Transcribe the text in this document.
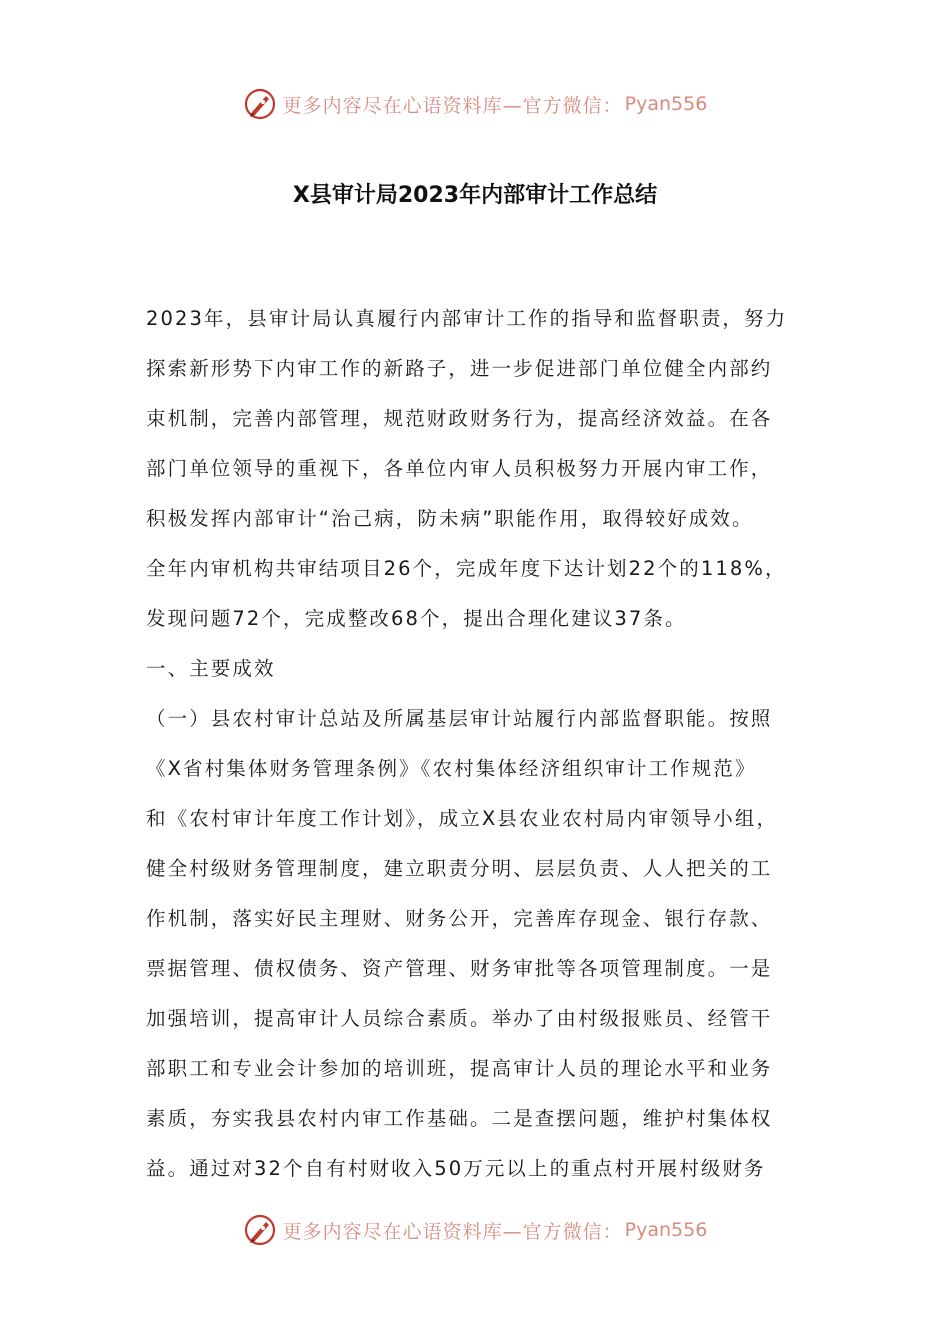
更多内容尽在心语资料库—官方微信： Pyan556
X县审计局2023年内部审计工作总结
2023年，县审计局认真履行内部审计工作的指导和监督职责，努力
探索新形势下内审工作的新路子，进一步促进部门单位健全内部约
束机制，完善内部管理，规范财政财务行为，提高经济效益。在各
部门单位领导的重视下，各单位内审人员积极努力开展内审工作，
积极发挥内部审计“治己病，防未病”职能作用，取得较好成效。
全年内审机构共审结项目26个，完成年度下达计划22个的118%，
发现问题72个，完成整改68个，提出合理化建议37条。
一、主要成效
（一）县农村审计总站及所属基层审计站履行内部监督职能。按照
《X省村集体财务管理条例》《农村集体经济组织审计工作规范》
和《农村审计年度工作计划》，成立X县农业农村局内审领导小组，
健全村级财务管理制度，建立职责分明、层层负责、人人把关的工
作机制，落实好民主理财、财务公开，完善库存现金、银行存款、
票据管理、债权债务、资产管理、财务审批等各项管理制度。一是
加强培训，提高审计人员综合素质。举办了由村级报账员、经管干
部职工和专业会计参加的培训班，提高审计人员的理论水平和业务
素质，夯实我县农村内审工作基础。二是查摆问题，维护村集体权
益。通过对32个自有村财收入50万元以上的重点村开展村级财务
更多内容尽在心语资料库—官方微信： Pyan556
